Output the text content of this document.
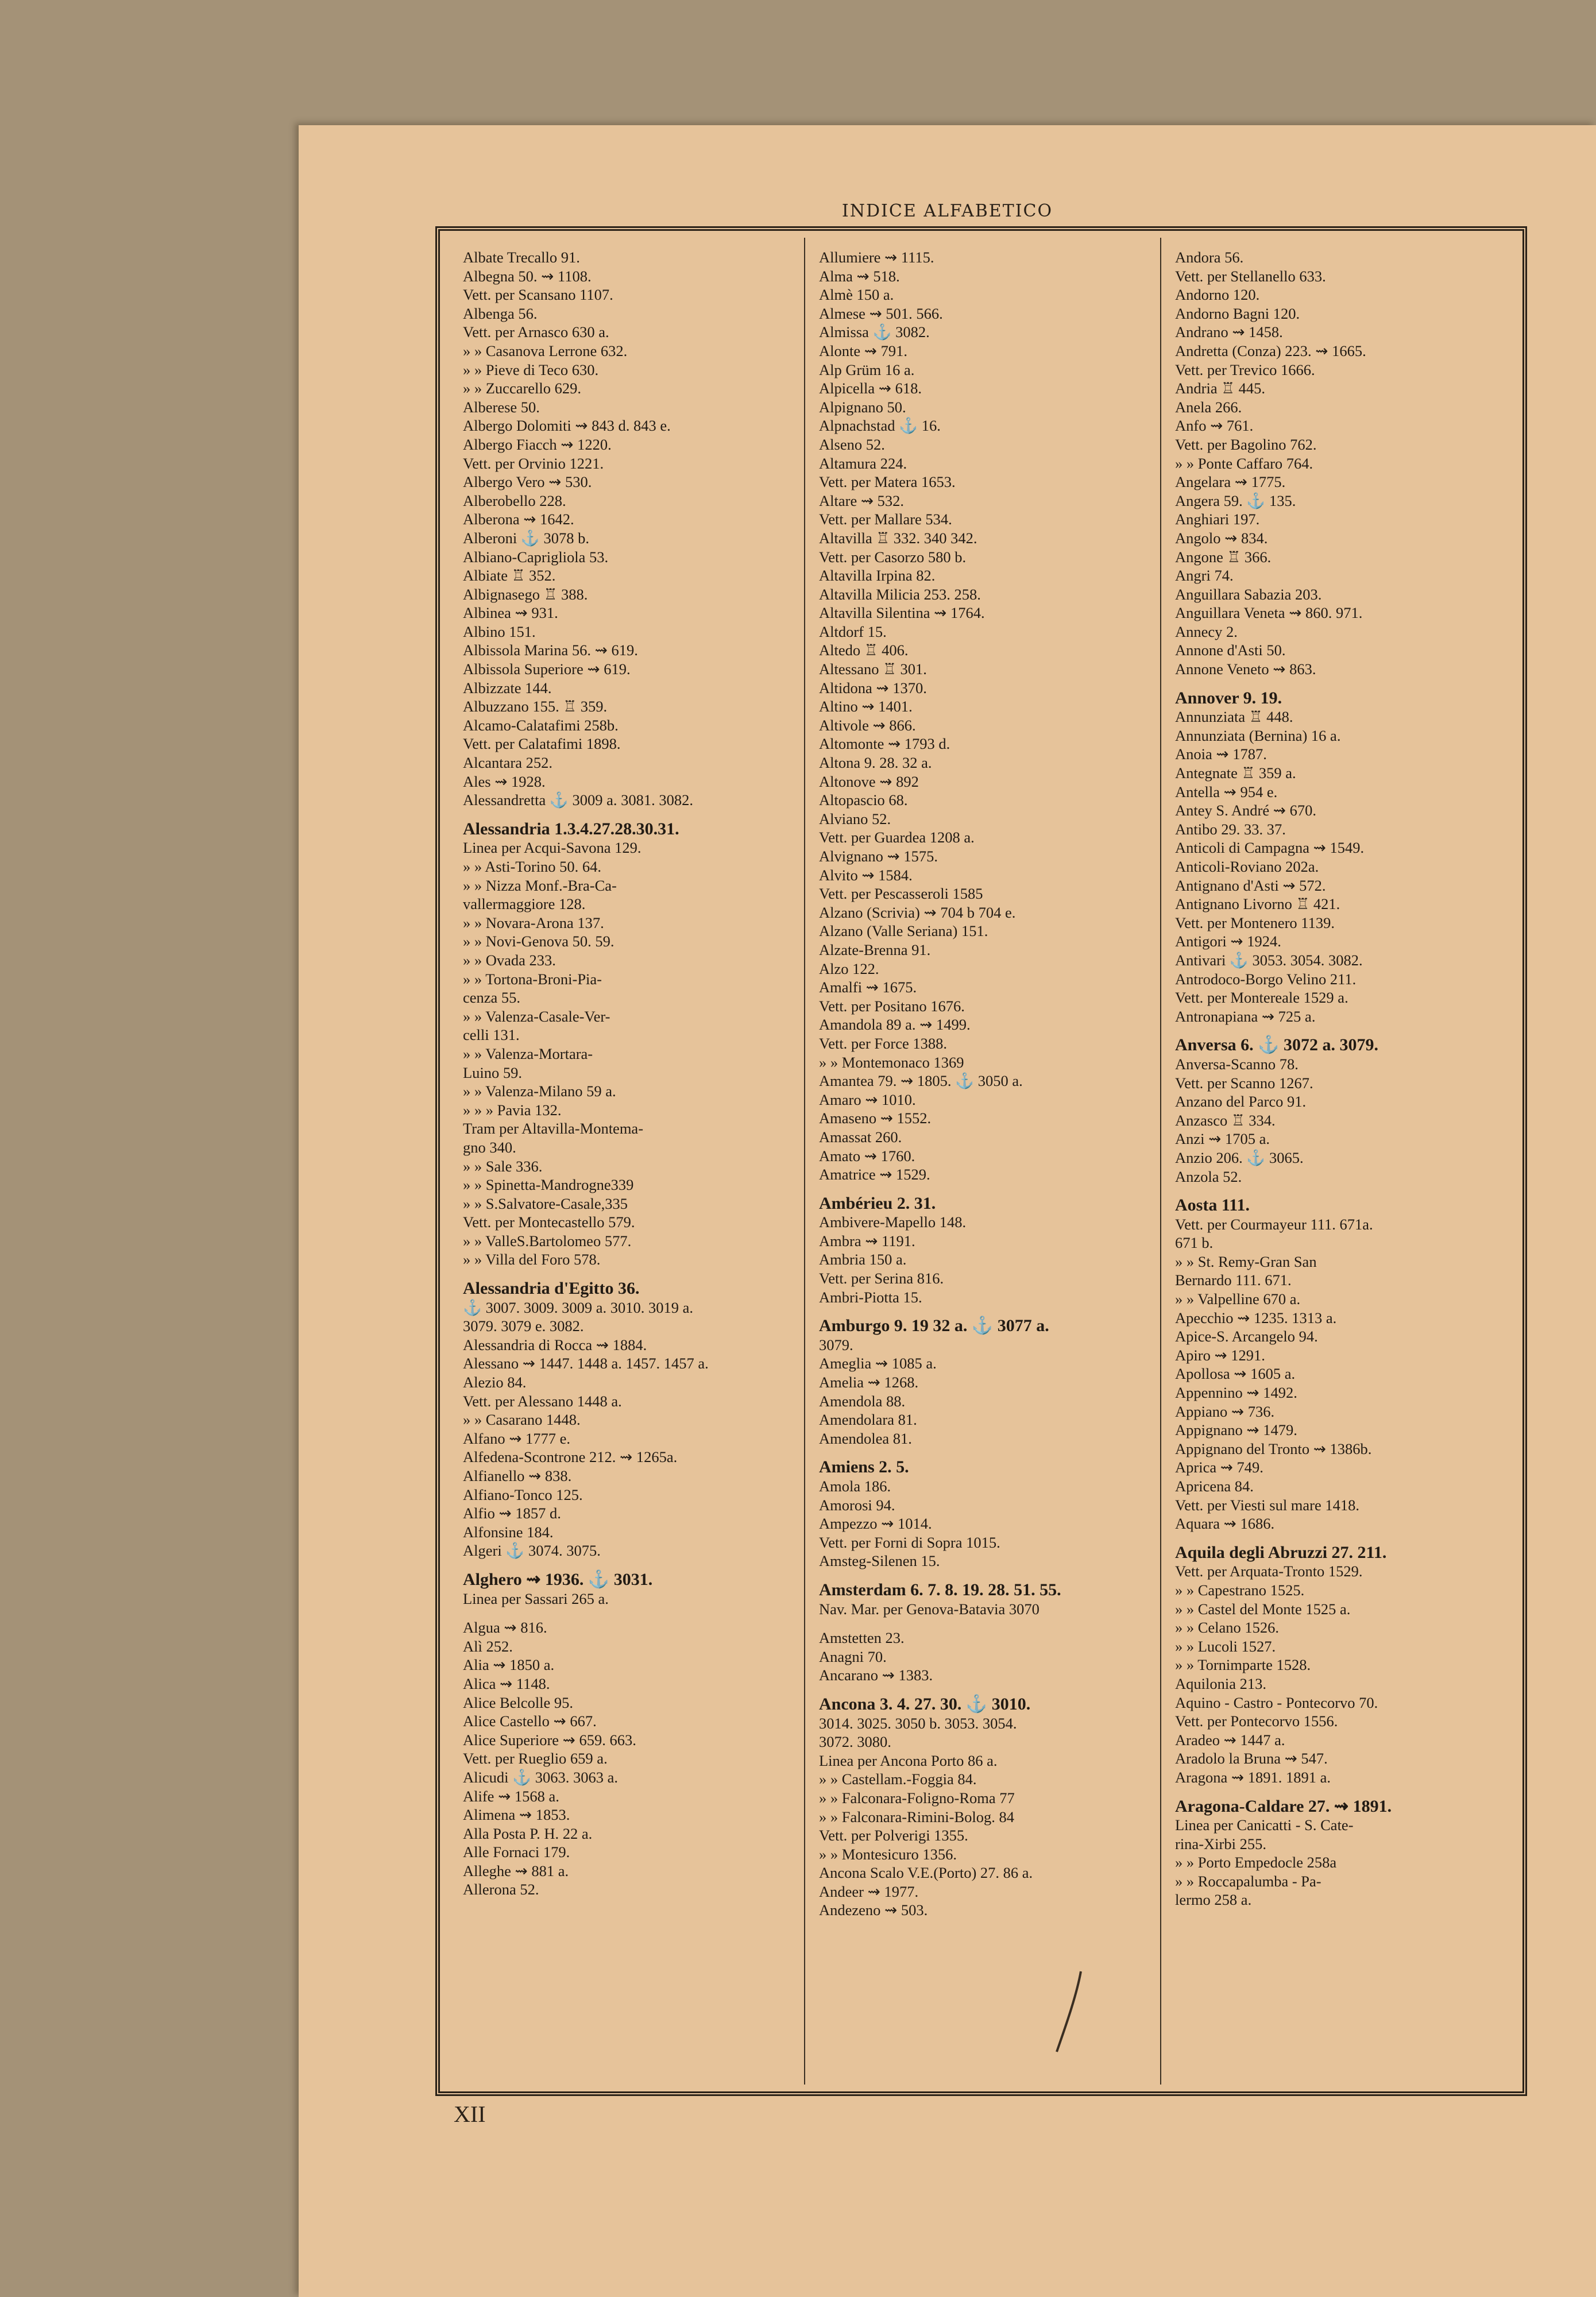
INDICE ALFABETICO
Albate Trecallo 91.
Albegna 50. ⇝ 1108.
Vett. per Scansano 1107.
Albenga 56.
Vett. per Arnasco 630 a.
» » Casanova Lerrone 632.
» » Pieve di Teco 630.
» » Zuccarello 629.
Alberese 50.
Albergo Dolomiti ⇝ 843 d. 843 e.
Albergo Fiacch ⇝ 1220.
Vett. per Orvinio 1221.
Albergo Vero ⇝ 530.
Alberobello 228.
Alberona ⇝ 1642.
Alberoni ⚓ 3078 b.
Albiano-Caprigliola 53.
Albiate ♖ 352.
Albignasego ♖ 388.
Albinea ⇝ 931.
Albino 151.
Albissola Marina 56. ⇝ 619.
Albissola Superiore ⇝ 619.
Albizzate 144.
Albuzzano 155. ♖ 359.
Alcamo-Calatafimi 258b.
Vett. per Calatafimi 1898.
Alcantara 252.
Ales ⇝ 1928.
Alessandretta ⚓ 3009 a. 3081. 3082.
Alessandria 1.3.4.27.28.30.31.
Linea per Acqui-Savona 129.
» » Asti-Torino 50. 64.
» » Nizza Monf.-Bra-Ca-
vallermaggiore 128.
» » Novara-Arona 137.
» » Novi-Genova 50. 59.
» » Ovada 233.
» » Tortona-Broni-Pia-
cenza 55.
» » Valenza-Casale-Ver-
celli 131.
» » Valenza-Mortara-
Luino 59.
» » Valenza-Milano 59 a.
» » » Pavia 132.
Tram per Altavilla-Montema-
gno 340.
» » Sale 336.
» » Spinetta-Mandrogne339
» » S.Salvatore-Casale,335
Vett. per Montecastello 579.
» » ValleS.Bartolomeo 577.
» » Villa del Foro 578.
Alessandria d'Egitto 36.
⚓ 3007. 3009. 3009 a. 3010. 3019 a.
3079. 3079 e. 3082.
Alessandria di Rocca ⇝ 1884.
Alessano ⇝ 1447. 1448 a. 1457. 1457 a.
Alezio 84.
Vett. per Alessano 1448 a.
» » Casarano 1448.
Alfano ⇝ 1777 e.
Alfedena-Scontrone 212. ⇝ 1265a.
Alfianello ⇝ 838.
Alfiano-Tonco 125.
Alfio ⇝ 1857 d.
Alfonsine 184.
Algeri ⚓ 3074. 3075.
Alghero ⇝ 1936. ⚓ 3031.
Linea per Sassari 265 a.
Algua ⇝ 816.
Alì 252.
Alia ⇝ 1850 a.
Alica ⇝ 1148.
Alice Belcolle 95.
Alice Castello ⇝ 667.
Alice Superiore ⇝ 659. 663.
Vett. per Rueglio 659 a.
Alicudi ⚓ 3063. 3063 a.
Alife ⇝ 1568 a.
Alimena ⇝ 1853.
Alla Posta P. H. 22 a.
Alle Fornaci 179.
Alleghe ⇝ 881 a.
Allerona 52.
Allumiere ⇝ 1115.
Alma ⇝ 518.
Almè 150 a.
Almese ⇝ 501. 566.
Almissa ⚓ 3082.
Alonte ⇝ 791.
Alp Grüm 16 a.
Alpicella ⇝ 618.
Alpignano 50.
Alpnachstad ⚓ 16.
Alseno 52.
Altamura 224.
Vett. per Matera 1653.
Altare ⇝ 532.
Vett. per Mallare 534.
Altavilla ♖ 332. 340 342.
Vett. per Casorzo 580 b.
Altavilla Irpina 82.
Altavilla Milicia 253. 258.
Altavilla Silentina ⇝ 1764.
Altdorf 15.
Altedo ♖ 406.
Altessano ♖ 301.
Altidona ⇝ 1370.
Altino ⇝ 1401.
Altivole ⇝ 866.
Altomonte ⇝ 1793 d.
Altona 9. 28. 32 a.
Altonove ⇝ 892
Altopascio 68.
Alviano 52.
Vett. per Guardea 1208 a.
Alvignano ⇝ 1575.
Alvito ⇝ 1584.
Vett. per Pescasseroli 1585
Alzano (Scrivia) ⇝ 704 b 704 e.
Alzano (Valle Seriana) 151.
Alzate-Brenna 91.
Alzo 122.
Amalfi ⇝ 1675.
Vett. per Positano 1676.
Amandola 89 a. ⇝ 1499.
Vett. per Force 1388.
» » Montemonaco 1369
Amantea 79. ⇝ 1805. ⚓ 3050 a.
Amaro ⇝ 1010.
Amaseno ⇝ 1552.
Amassat 260.
Amato ⇝ 1760.
Amatrice ⇝ 1529.
Ambérieu 2. 31.
Ambivere-Mapello 148.
Ambra ⇝ 1191.
Ambria 150 a.
Vett. per Serina 816.
Ambri-Piotta 15.
Amburgo 9. 19 32 a. ⚓ 3077 a.
3079.
Ameglia ⇝ 1085 a.
Amelia ⇝ 1268.
Amendola 88.
Amendolara 81.
Amendolea 81.
Amiens 2. 5.
Amola 186.
Amorosi 94.
Ampezzo ⇝ 1014.
Vett. per Forni di Sopra 1015.
Amsteg-Silenen 15.
Amsterdam 6. 7. 8. 19. 28. 51. 55.
Nav. Mar. per Genova-Batavia 3070
Amstetten 23.
Anagni 70.
Ancarano ⇝ 1383.
Ancona 3. 4. 27. 30. ⚓ 3010.
3014. 3025. 3050 b. 3053. 3054.
3072. 3080.
Linea per Ancona Porto 86 a.
» » Castellam.-Foggia 84.
» » Falconara-Foligno-Roma 77
» » Falconara-Rimini-Bolog. 84
Vett. per Polverigi 1355.
» » Montesicuro 1356.
Ancona Scalo V.E.(Porto) 27. 86 a.
Andeer ⇝ 1977.
Andezeno ⇝ 503.
Andora 56.
Vett. per Stellanello 633.
Andorno 120.
Andorno Bagni 120.
Andrano ⇝ 1458.
Andretta (Conza) 223. ⇝ 1665.
Vett. per Trevico 1666.
Andria ♖ 445.
Anela 266.
Anfo ⇝ 761.
Vett. per Bagolino 762.
» » Ponte Caffaro 764.
Angelara ⇝ 1775.
Angera 59. ⚓ 135.
Anghiari 197.
Angolo ⇝ 834.
Angone ♖ 366.
Angri 74.
Anguillara Sabazia 203.
Anguillara Veneta ⇝ 860. 971.
Annecy 2.
Annone d'Asti 50.
Annone Veneto ⇝ 863.
Annover 9. 19.
Annunziata ♖ 448.
Annunziata (Bernina) 16 a.
Anoia ⇝ 1787.
Antegnate ♖ 359 a.
Antella ⇝ 954 e.
Antey S. André ⇝ 670.
Antibo 29. 33. 37.
Anticoli di Campagna ⇝ 1549.
Anticoli-Roviano 202a.
Antignano d'Asti ⇝ 572.
Antignano Livorno ♖ 421.
Vett. per Montenero 1139.
Antigori ⇝ 1924.
Antivari ⚓ 3053. 3054. 3082.
Antrodoco-Borgo Velino 211.
Vett. per Montereale 1529 a.
Antronapiana ⇝ 725 a.
Anversa 6. ⚓ 3072 a. 3079.
Anversa-Scanno 78.
Vett. per Scanno 1267.
Anzano del Parco 91.
Anzasco ♖ 334.
Anzi ⇝ 1705 a.
Anzio 206. ⚓ 3065.
Anzola 52.
Aosta 111.
Vett. per Courmayeur 111. 671a.
671 b.
» » St. Remy-Gran San
Bernardo 111. 671.
» » Valpelline 670 a.
Apecchio ⇝ 1235. 1313 a.
Apice-S. Arcangelo 94.
Apiro ⇝ 1291.
Apollosa ⇝ 1605 a.
Appennino ⇝ 1492.
Appiano ⇝ 736.
Appignano ⇝ 1479.
Appignano del Tronto ⇝ 1386b.
Aprica ⇝ 749.
Apricena 84.
Vett. per Viesti sul mare 1418.
Aquara ⇝ 1686.
Aquila degli Abruzzi 27. 211.
Vett. per Arquata-Tronto 1529.
» » Capestrano 1525.
» » Castel del Monte 1525 a.
» » Celano 1526.
» » Lucoli 1527.
» » Tornimparte 1528.
Aquilonia 213.
Aquino - Castro - Pontecorvo 70.
Vett. per Pontecorvo 1556.
Aradeo ⇝ 1447 a.
Aradolo la Bruna ⇝ 547.
Aragona ⇝ 1891. 1891 a.
Aragona-Caldare 27. ⇝ 1891.
Linea per Canicatti - S. Cate-
rina-Xirbi 255.
» » Porto Empedocle 258a
» » Roccapalumba - Pa-
lermo 258 a.
XII
